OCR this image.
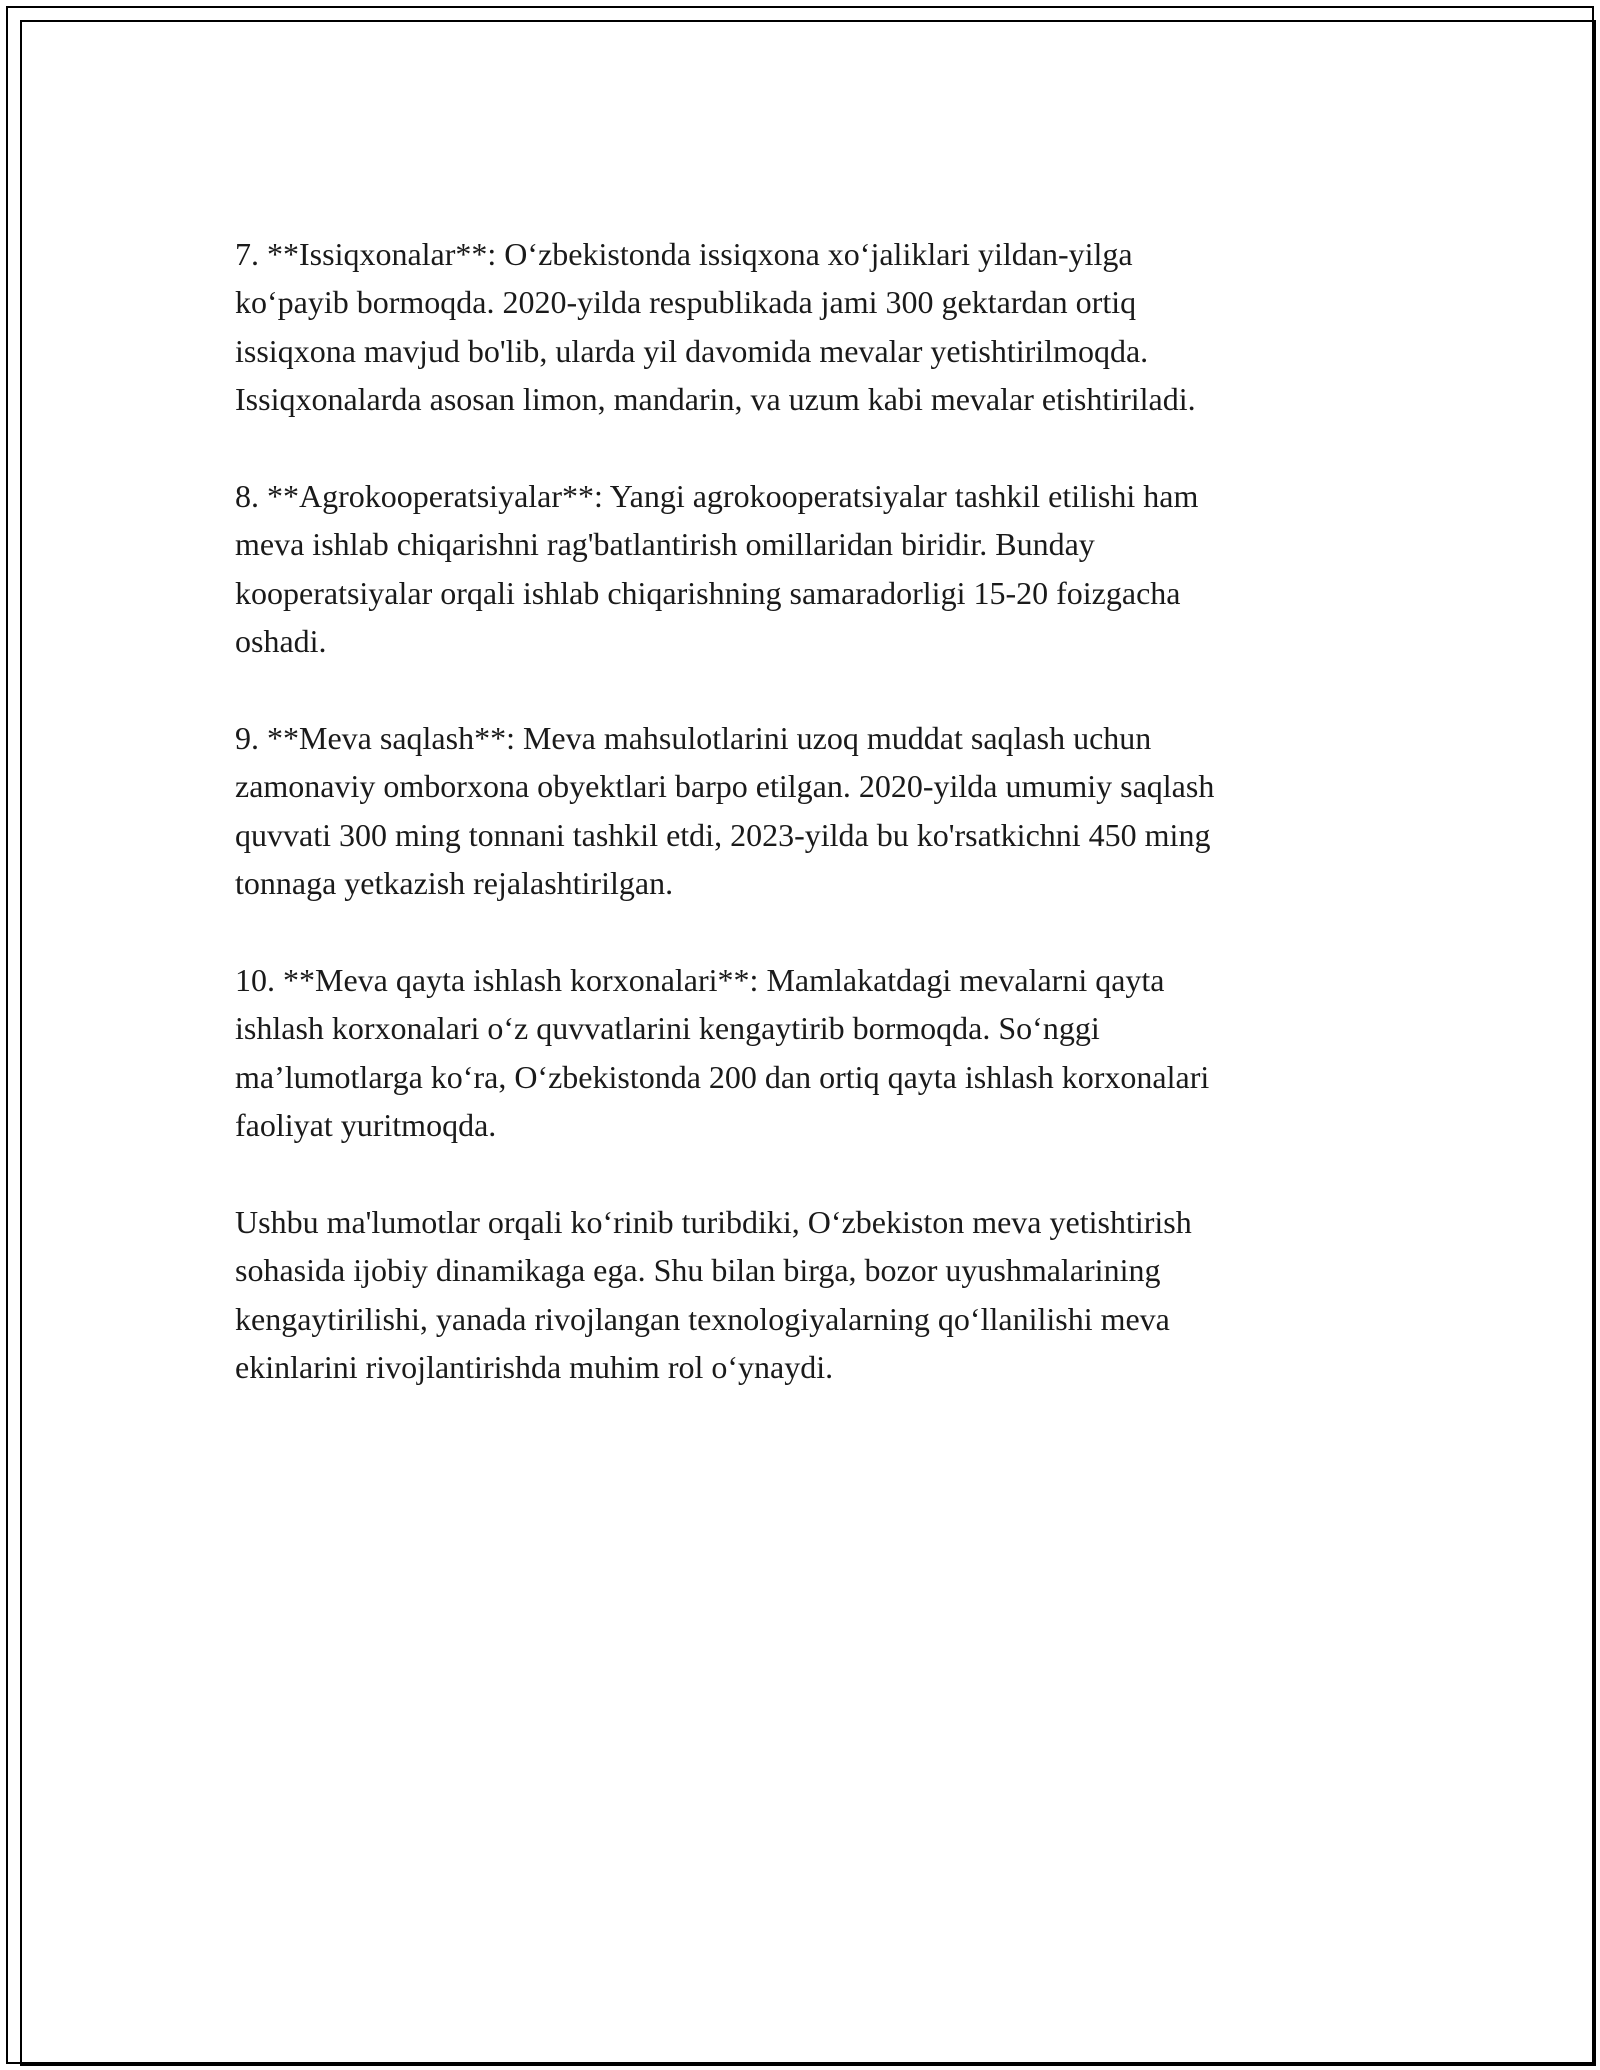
7. **Issiqxonalar**: O‘zbekistonda issiqxona xo‘jaliklari yildan-yilga
ko‘payib bormoqda. 2020-yilda respublikada jami 300 gektardan ortiq
issiqxona mavjud bo'lib, ularda yil davomida mevalar yetishtirilmoqda.
Issiqxonalarda asosan limon, mandarin, va uzum kabi mevalar etishtiriladi.

8. **Agrokooperatsiyalar**: Yangi agrokooperatsiyalar tashkil etilishi ham
meva ishlab chiqarishni rag'batlantirish omillaridan biridir. Bunday
kooperatsiyalar orqali ishlab chiqarishning samaradorligi 15-20 foizgacha
oshadi.

9. **Meva saqlash**: Meva mahsulotlarini uzoq muddat saqlash uchun
zamonaviy omborxona obyektlari barpo etilgan. 2020-yilda umumiy saqlash
quvvati 300 ming tonnani tashkil etdi, 2023-yilda bu ko'rsatkichni 450 ming
tonnaga yetkazish rejalashtirilgan.

10. **Meva qayta ishlash korxonalari**: Mamlakatdagi mevalarni qayta
ishlash korxonalari o‘z quvvatlarini kengaytirib bormoqda. So‘nggi
ma’lumotlarga ko‘ra, O‘zbekistonda 200 dan ortiq qayta ishlash korxonalari
faoliyat yuritmoqda.

Ushbu ma'lumotlar orqali ko‘rinib turibdiki, O‘zbekiston meva yetishtirish
sohasida ijobiy dinamikaga ega. Shu bilan birga, bozor uyushmalarining
kengaytirilishi, yanada rivojlangan texnologiyalarning qo‘llanilishi meva
ekinlarini rivojlantirishda muhim rol o‘ynaydi.
